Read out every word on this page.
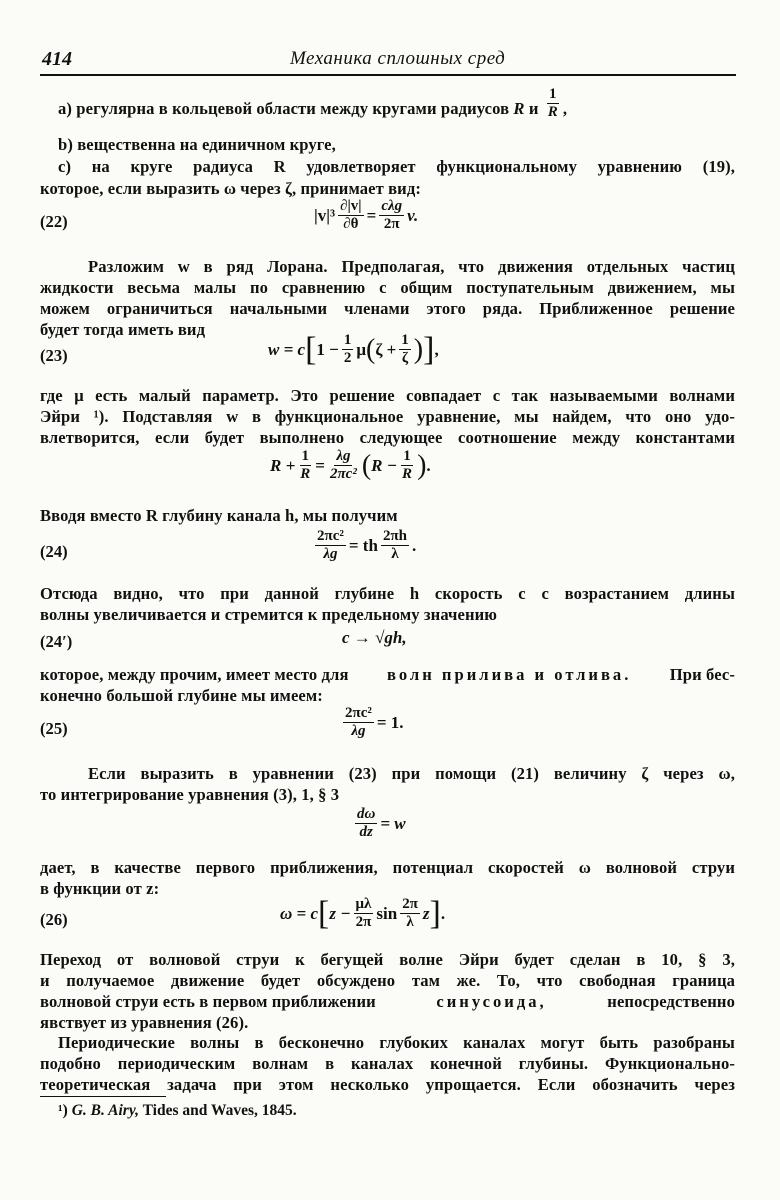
414	Механика сплошных сред
a) регулярна в кольцевой области между кругами радиусов R и $\frac{1}{R}$ ,
b) вещественна на единичном круге,
c) на круге радиуса R удовлетворяет функциональному уравнению (19),
которое, если выразить ω через ζ, принимает вид:
(22)	$|v|^3 \frac{\partial|v|}{\partial\theta} = \frac{\text{cλg}}{2\pi} v$.
Разложим w в ряд Лорана. Предполагая, что движения отдельных частиц
жидкости весьма малы по сравнению с общим поступательным движением, мы
можем ограничиться начальными членами этого ряда. Приближенное решение
будет тогда иметь вид
(23)	w = c [ $1 - \frac{1}{2}$ μ ( $\zeta + \frac{1}{\zeta}$ ) ] ,
где μ есть малый параметр. Это решение совпадает с так называемыми волнами
Эйри ¹). Подставляя w в функциональное уравнение, мы найдем, что оно удо-
влетворится, если будет выполнено следующее соотношение между константами
$R + \frac{1}{R} = \frac{\lambda g}{\text{2πc²}}$ ( $R - \frac{1}{R}$ ) .
Вводя вместо R глубину канала h, мы получим
(24)	$\frac{\text{2πc²}}{\lambda g}$ = th $\frac{2\pi h}{\lambda}$ .
Отсюда видно, что при данной глубине h скорость c с возрастанием длины
волны увеличивается и стремится к предельному значению
(24′)	c → √gh,
которое, между прочим, имеет место для волн прилива и отлива. При бес-
конечно большой глубине мы имеем:
(25)	$\frac{\text{2πc²}}{\lambda g} = 1$.
Если выразить в уравнении (23) при помощи (21) величину ζ через ω,
то интегрирование уравнения (3), 1, § 3
$\frac{d\omega}{dz} = w$
дает, в качестве первого приближения, потенциал скоростей ω волновой струи
в функции от z:
(26)	ω = c [ $z - \frac{\mu\lambda}{2\pi}$ $\sin \frac{2\pi}{\lambda}$ z ] .
Переход от волновой струи к бегущей волне Эйри будет сделан в 10, § 3,
и получаемое движение будет обсуждено там же. То, что свободная граница
волновой струи есть в первом приближении	синусоида,	непосредственно
явствует из уравнения (26).
Периодические волны в бесконечно глубоких каналах могут быть разобраны
подобно периодическим волнам в каналах конечной глубины. Функционально-
теоретическая задача при этом несколько упрощается. Если обозначить через
¹) G. B. Airy, Tides and Waves, 1845.
